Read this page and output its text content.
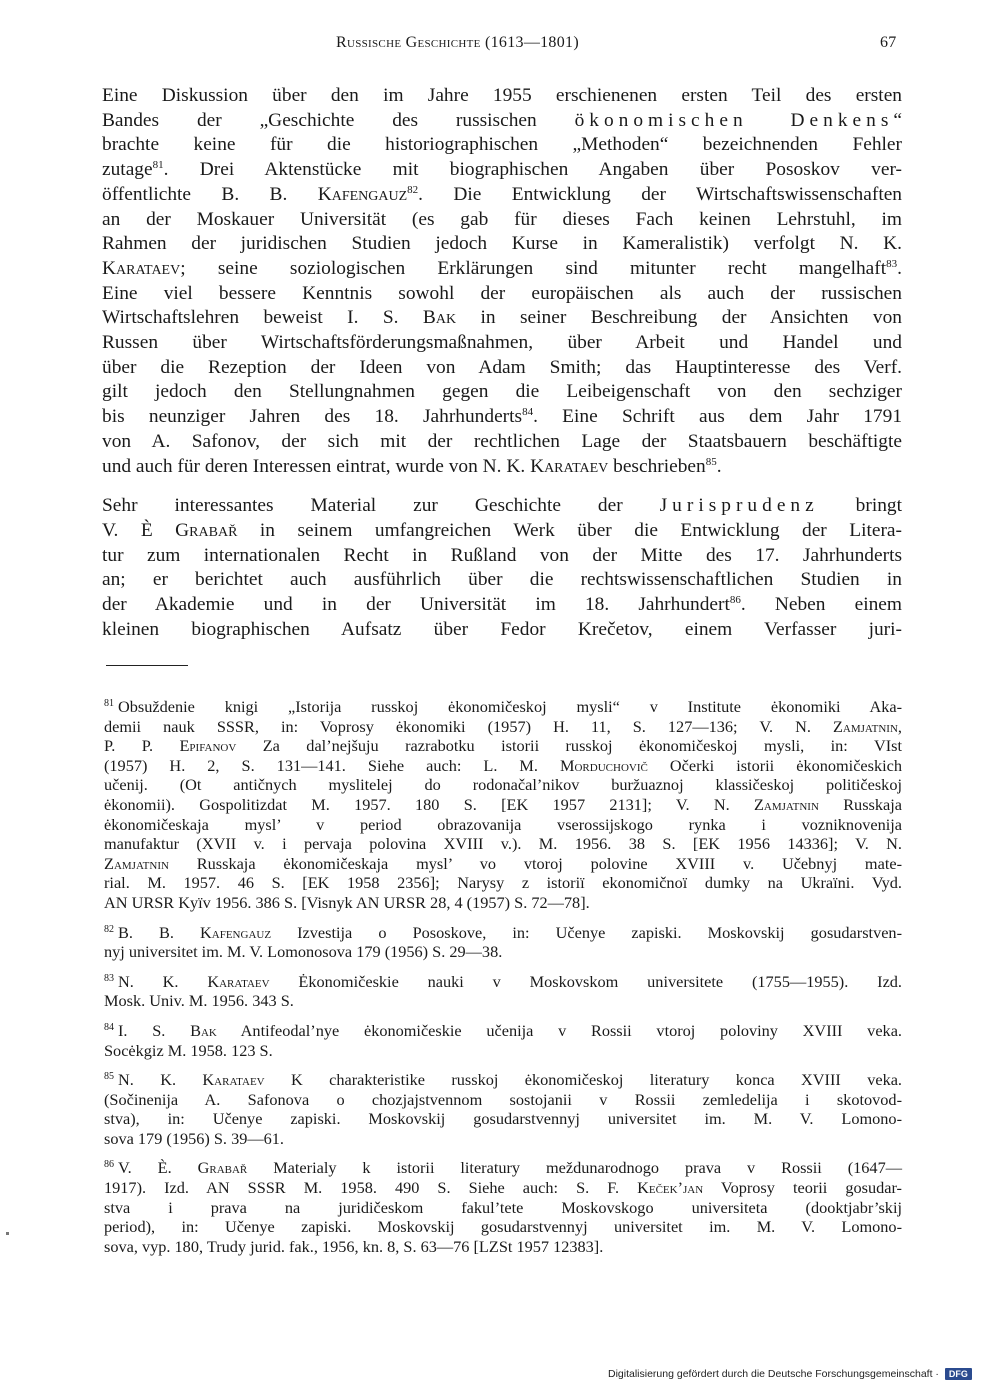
Russische Geschichte (1613—1801)	67

Eine Diskussion über den im Jahre 1955 erschienenen ersten Teil des ersten
Bandes der „Geschichte des russischen ökonomischen Denkens“
brachte keine für die historiographischen „Methoden“ bezeichnenden Fehler
zutage$^{81}$. Drei Aktenstücke mit biographischen Angaben über Pososkov ver-
öffentlichte B. B. Kafengauz$^{82}$. Die Entwicklung der Wirtschaftswissenschaften
an der Moskauer Universität (es gab für dieses Fach keinen Lehrstuhl, im
Rahmen der juridischen Studien jedoch Kurse in Kameralistik) verfolgt N. K.
Karataev; seine soziologischen Erklärungen sind mitunter recht mangelhaft$^{83}$.
Eine viel bessere Kenntnis sowohl der europäischen als auch der russischen
Wirtschaftslehren beweist I. S. Bak in seiner Beschreibung der Ansichten von
Russen über Wirtschaftsförderungsmaßnahmen, über Arbeit und Handel und
über die Rezeption der Ideen von Adam Smith; das Hauptinteresse des Verf.
gilt jedoch den Stellungnahmen gegen die Leibeigenschaft von den sechziger
bis neunziger Jahren des 18. Jahrhunderts$^{84}$. Eine Schrift aus dem Jahr 1791
von A. Safonov, der sich mit der rechtlichen Lage der Staatsbauern beschäftigte
und auch für deren Interessen eintrat, wurde von N. K. Karataev beschrieben$^{85}$.

Sehr interessantes Material zur Geschichte der Jurisprudenz bringt
V. È Grabař in seinem umfangreichen Werk über die Entwicklung der Litera-
tur zum internationalen Recht in Rußland von der Mitte des 17. Jahrhunderts
an; er berichtet auch ausführlich über die rechtswissenschaftlichen Studien in
der Akademie und in der Universität im 18. Jahrhundert$^{86}$. Neben einem
kleinen biographischen Aufsatz über Fedor Krečetov, einem Verfasser juri-

$^{81}$ Obsuždenie knigi „Istorija russkoj ėkonomičeskoj mysli“ v Institute ėkonomiki Aka-
demii nauk SSSR, in: Voprosy ėkonomiki (1957) H. 11, S. 127—136; V. N. Zamjatnin,
P. P. Epifanov Za dal’nejšuju razrabotku istorii russkoj ėkonomičeskoj mysli, in: VIst
(1957) H. 2, S. 131—141. Siehe auch: L. M. Morduchovič Očerki istorii ėkonomičeskich
učenij. (Ot antičnych myslitelej do rodonačal’nikov buržuaznoj klassičeskoj političeskoj
ėkonomii). Gospolitizdat M. 1957. 180 S. [EK 1957 2131]; V. N. Zamjatnin Russkaja
ėkonomičeskaja mysl’ v period obrazovanija vserossijskogo rynka i vozniknovenija
manufaktur (XVII v. i pervaja polovina XVIII v.). M. 1956. 38 S. [EK 1956 14336]; V. N.
Zamjatnin Russkaja ėkonomičeskaja mysl’ vo vtoroj polovine XVIII v. Učebnyj mate-
rial. M. 1957. 46 S. [EK 1958 2356]; Narysy z istoriï ekonomičnoï dumky na Ukraïni. Vyd.
AN URSR Kyïv 1956. 386 S. [Visnyk AN URSR 28, 4 (1957) S. 72—78].
$^{82}$ B. B. Kafengauz Izvestija o Pososkove, in: Učenye zapiski. Moskovskij gosudarstven-
nyj universitet im. M. V. Lomonosova 179 (1956) S. 29—38.
$^{83}$ N. K. Karataev Ėkonomičeskie nauki v Moskovskom universitete (1755—1955). Izd.
Mosk. Univ. M. 1956. 343 S.
$^{84}$ I. S. Bak Antifeodal’nye ėkonomičeskie učenija v Rossii vtoroj poloviny XVIII veka.
Socėkgiz M. 1958. 123 S.
$^{85}$ N. K. Karataev K charakteristike russkoj ėkonomičeskoj literatury konca XVIII veka.
(Sočinenija A. Safonova o chozjajstvennom sostojanii v Rossii zemledelija i skotovod-
stva), in: Učenye zapiski. Moskovskij gosudarstvennyj universitet im. M. V. Lomono-
sova 179 (1956) S. 39—61.
$^{86}$ V. È. Grabař Materialy k istorii literatury meždunarodnogo prava v Rossii (1647—
1917). Izd. AN SSSR M. 1958. 490 S. Siehe auch: S. F. Kečekʼjan Voprosy teorii gosudar-
stva i prava na juridičeskom fakul’tete Moskovskogo universiteta (dooktjabr’skij
period), in: Učenye zapiski. Moskovskij gosudarstvennyj universitet im. M. V. Lomono-
sova, vyp. 180, Trudy jurid. fak., 1956, kn. 8, S. 63—76 [LZSt 1957 12383].
Digitalisierung gefördert durch die Deutsche Forschungsgemeinschaft · DFG
